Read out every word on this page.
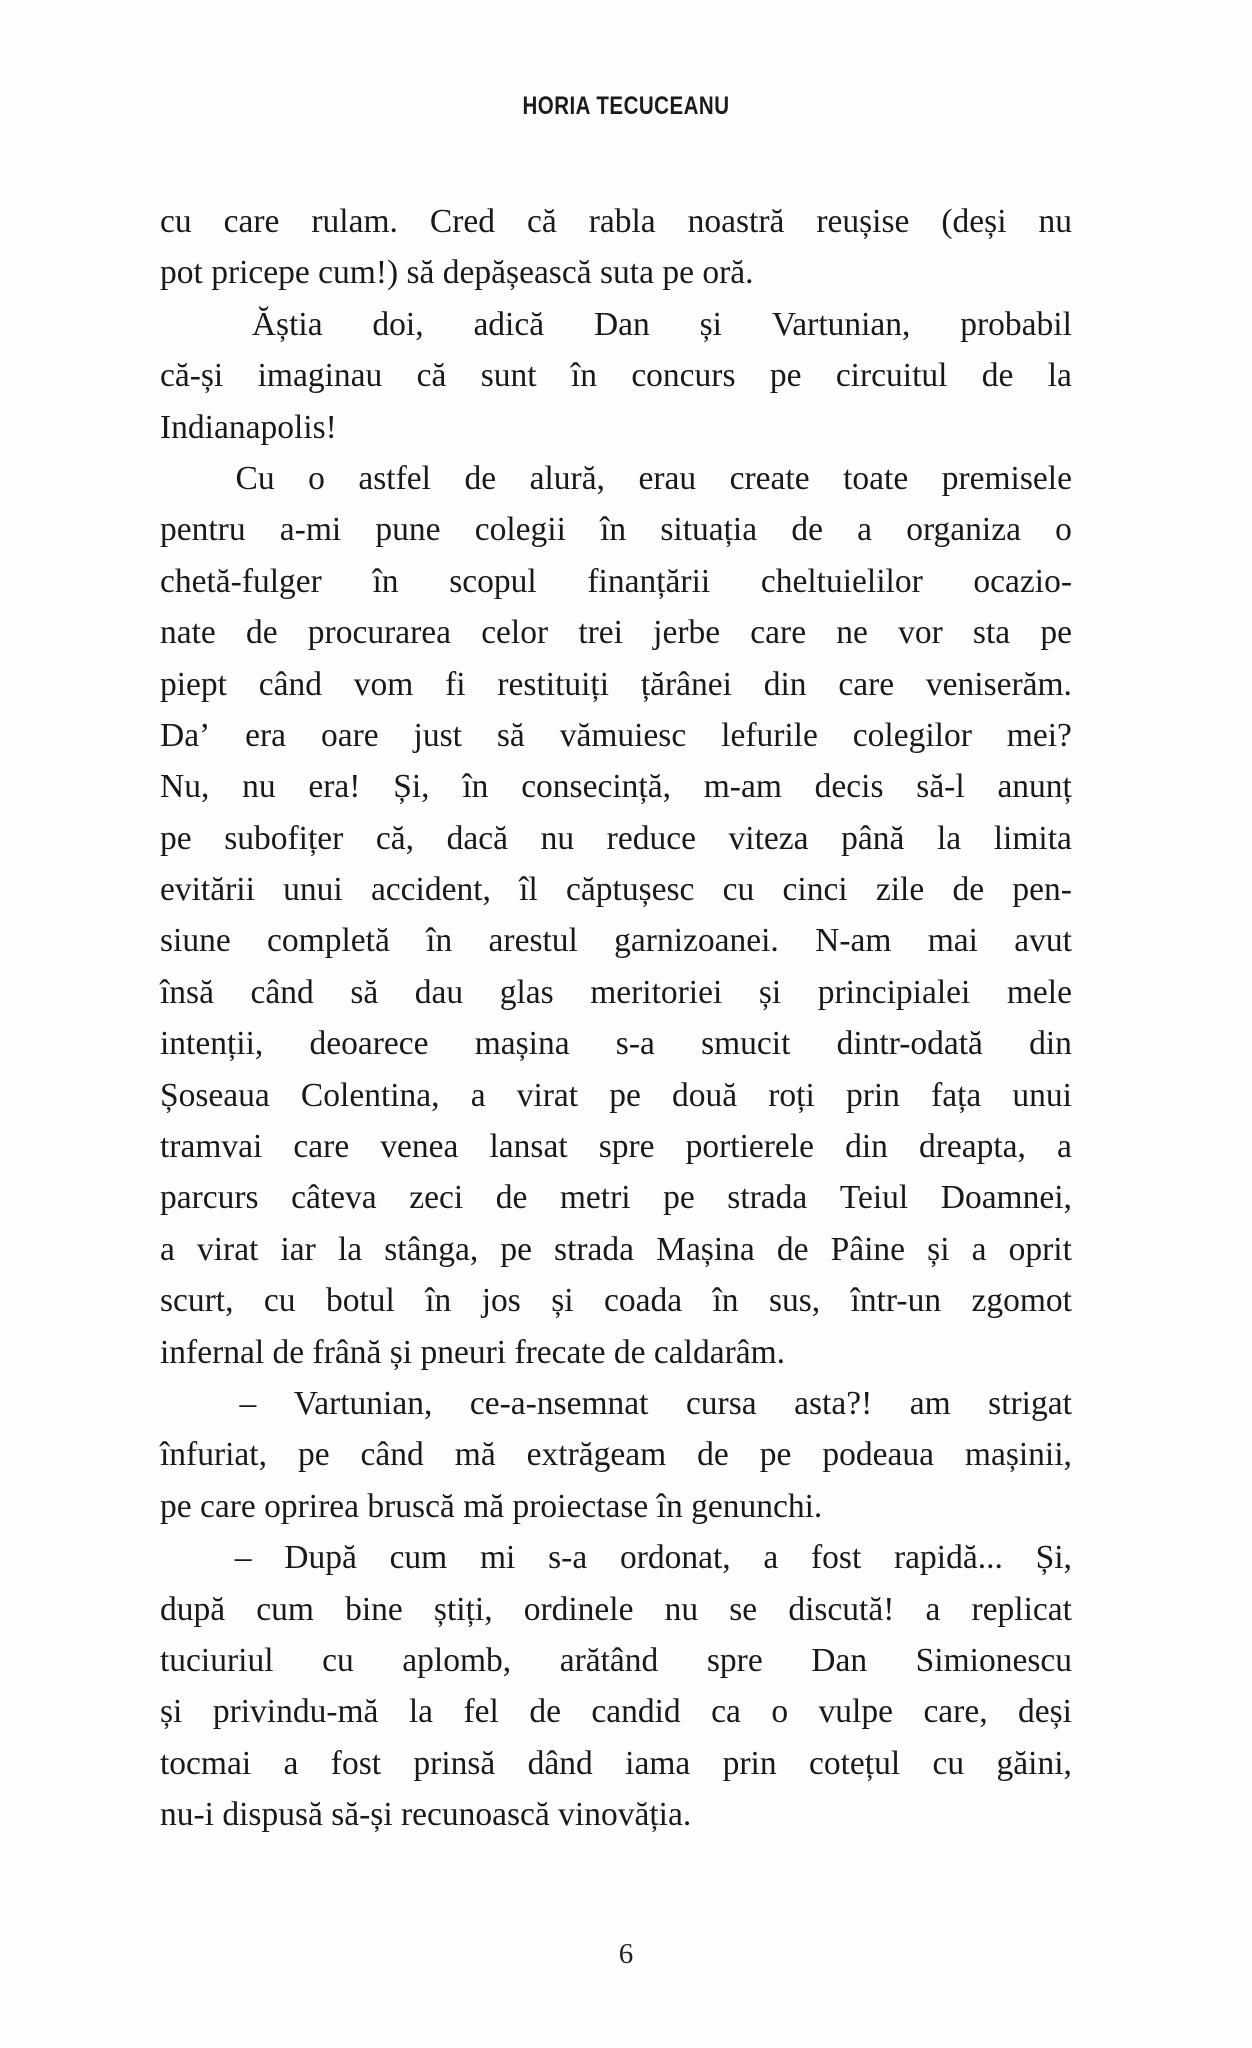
HORIA TECUCEANU
cu care rulam. Cred că rabla noastră reușise (deși nu
pot pricepe cum!) să depășească suta pe oră.
Ăștia doi, adică Dan și Vartunian, probabil
că-și imaginau că sunt în concurs pe circuitul de la
Indianapolis!
Cu o astfel de alură, erau create toate premisele
pentru a-mi pune colegii în situația de a organiza o
chetă-fulger în scopul finanțării cheltuielilor ocazio-
nate de procurarea celor trei jerbe care ne vor sta pe
piept când vom fi restituiți țărânei din care veniserăm.
Da’ era oare just să vămuiesc lefurile colegilor mei?
Nu, nu era! Și, în consecință, m-am decis să-l anunț
pe subofițer că, dacă nu reduce viteza până la limita
evitării unui accident, îl căptușesc cu cinci zile de pen-
siune completă în arestul garnizoanei. N-am mai avut
însă când să dau glas meritoriei și principialei mele
intenții, deoarece mașina s-a smucit dintr-odată din
Șoseaua Colentina, a virat pe două roți prin fața unui
tramvai care venea lansat spre portierele din dreapta, a
parcurs câteva zeci de metri pe strada Teiul Doamnei,
a virat iar la stânga, pe strada Mașina de Pâine și a oprit
scurt, cu botul în jos și coada în sus, într-un zgomot
infernal de frână și pneuri frecate de caldarâm.
– Vartunian, ce-a-nsemnat cursa asta?! am strigat
înfuriat, pe când mă extrăgeam de pe podeaua mașinii,
pe care oprirea bruscă mă proiectase în genunchi.
– După cum mi s-a ordonat, a fost rapidă... Și,
după cum bine știți, ordinele nu se discută! a replicat
tuciuriul cu aplomb, arătând spre Dan Simionescu
și privindu-mă la fel de candid ca o vulpe care, deși
tocmai a fost prinsă dând iama prin cotețul cu găini,
nu-i dispusă să-și recunoască vinovăția.
6
